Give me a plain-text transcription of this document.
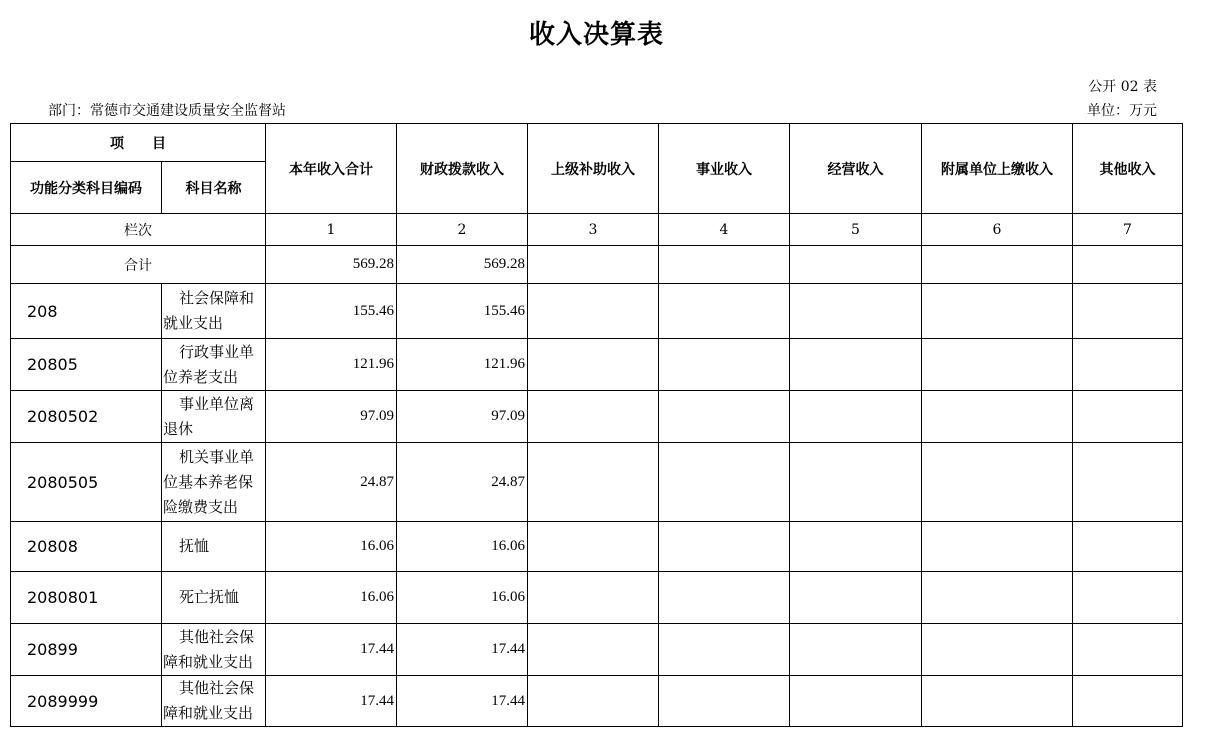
收入决算表
公开 02 表
部门：常德市交通建设质量安全监督站	单位：万元
项　　目		本年收入合计	财政拨款收入	上级补助收入	事业收入	经营收入	附属单位上缴收入	其他收入
功能分类科目编码	科目名称							
栏次		1	2	3	4	5	6	7
合计		569.28	569.28					
208	社会保障和就业支出	155.46	155.46					
20805	行政事业单位养老支出	121.96	121.96					
2080502	事业单位离退休	97.09	97.09					
2080505	机关事业单位基本养老保险缴费支出	24.87	24.87					
20808	抚恤	16.06	16.06					
2080801	死亡抚恤	16.06	16.06					
20899	其他社会保障和就业支出	17.44	17.44					
2089999	其他社会保障和就业支出	17.44	17.44					
